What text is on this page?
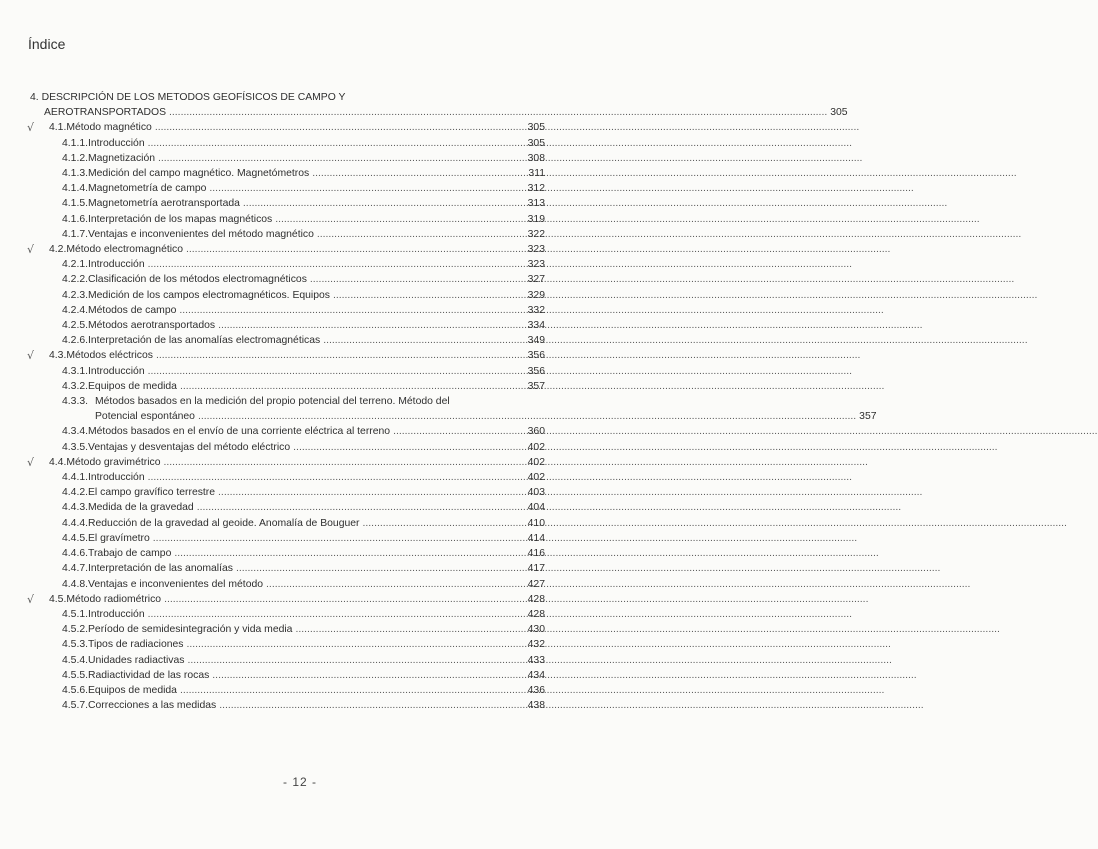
Índice
4. DESCRIPCIÓN DE LOS METODOS GEOFÍSICOS DE CAMPO Y
AEROTRANSPORTADOS .....	305
√ 4.1. Método magnético .....	305
4.1.1. Introducción .....	305
4.1.2. Magnetización .....	308
4.1.3. Medición del campo magnético. Magnetómetros .....	311
4.1.4. Magnetometría de campo .....	312
4.1.5. Magnetometría aerotransportada .....	313
4.1.6. Interpretación de los mapas magnéticos .....	319
4.1.7. Ventajas e inconvenientes del método magnético .....	322
√ 4.2. Método electromagnético .....	323
4.2.1. Introducción .....	323
4.2.2. Clasificación de los métodos electromagnéticos .....	327
4.2.3. Medición de los campos electromagnéticos. Equipos .....	329
4.2.4. Métodos de campo .....	332
4.2.5. Métodos aerotransportados .....	334
4.2.6. Interpretación de las anomalías electromagnéticas .....	349
√ 4.3. Métodos eléctricos .....	356
4.3.1. Introducción .....	356
4.3.2. Equipos de medida .....	357
4.3.3. Métodos basados en la medición del propio potencial del terreno. Método del
Potencial espontáneo .....	357
4.3.4. Métodos basados en el envío de una corriente eléctrica al terreno .....	360
4.3.5. Ventajas y desventajas del método eléctrico .....	402
√ 4.4. Método gravimétrico .....	402
4.4.1. Introducción .....	402
4.4.2. El campo gravífico terrestre .....	403
4.4.3. Medida de la gravedad .....	404
4.4.4. Reducción de la gravedad al geoide. Anomalía de Bouguer .....	410
4.4.5. El gravímetro .....	414
4.4.6. Trabajo de campo .....	416
4.4.7. Interpretación de las anomalías .....	417
4.4.8. Ventajas e inconvenientes del método .....	427
√ 4.5. Método radiométrico .....	428
4.5.1. Introducción .....	428
4.5.2. Período de semidesintegración y vida media .....	430
4.5.3. Tipos de radiaciones .....	432
4.5.4. Unidades radiactivas .....	433
4.5.5. Radiactividad de las rocas .....	434
4.5.6. Equipos de medida .....	436
4.5.7. Correcciones a las medidas .....	438
- 12 -
